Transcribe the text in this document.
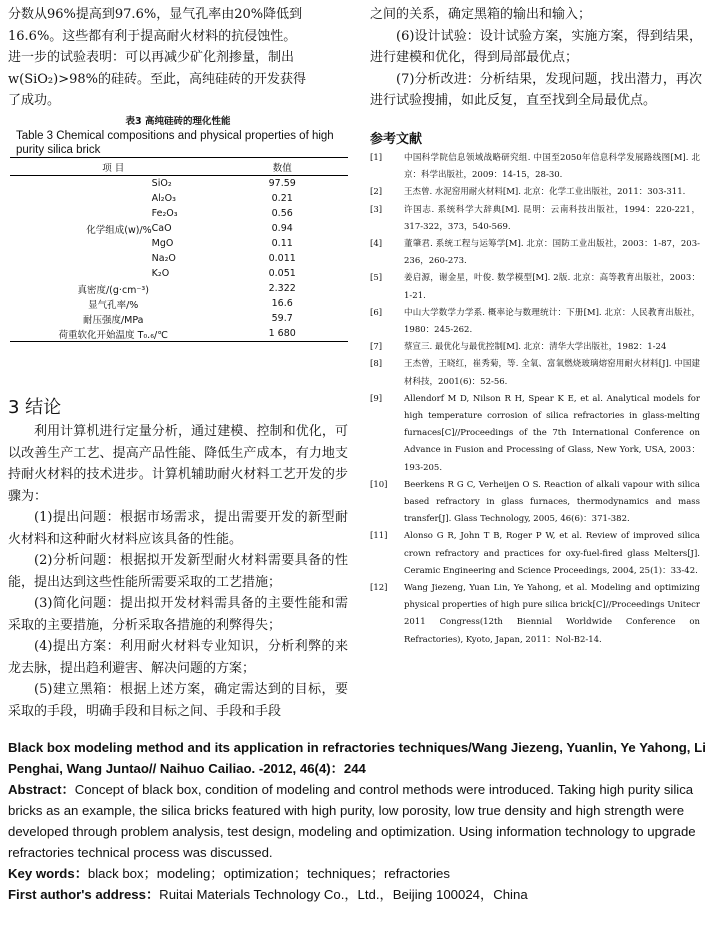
分数从96%提高到97.6%，显气孔率由20%降低到

16.6%。这些都有利于提高耐火材料的抗侵蚀性。

进一步的试验表明：可以再减少矿化剂掺量，制出

w(SiO₂)>98%的硅砖。至此，高纯硅砖的开发获得

了成功。

表3 高纯硅砖的理化性能
Table 3 Chemical compositions and physical properties of high purity silica brick
项 目		数值
化学组成(w)/%	SiO₂	97.59
	Al₂O₃	0.21
	Fe₂O₃	0.56
	CaO	0.94
	MgO	0.11
	Na₂O	0.011
	K₂O	0.051
真密度/(g·cm⁻³)		2.322
显气孔率/%		16.6
耐压强度/MPa		59.7
荷重软化开始温度 T₀.₆/℃		1 680
3 结论

利用计算机进行定量分析，通过建模、控制和优化，可以改善生产工艺、提高产品性能、降低生产成本，有力地支持耐火材料的技术进步。计算机辅助耐火材料工艺开发的步骤为：

(1)提出问题：根据市场需求，提出需要开发的新型耐火材料和这种耐火材料应该具备的性能。

(2)分析问题：根据拟开发新型耐火材料需要具备的性能，提出达到这些性能所需要采取的工艺措施；

(3)简化问题：提出拟开发材料需具备的主要性能和需采取的主要措施，分析采取各措施的利弊得失；

(4)提出方案：利用耐火材料专业知识，分析利弊的来龙去脉，提出趋利避害、解决问题的方案；

(5)建立黑箱：根据上述方案，确定需达到的目标，要采取的手段，明确手段和目标之间、手段和手段

之间的关系，确定黑箱的输出和输入；

(6)设计试验：设计试验方案，实施方案，得到结果，进行建模和优化，得到局部最优点；

(7)分析改进：分析结果，发现问题，找出潜力，再次进行试验搜捕，如此反复，直至找到全局最优点。

参考文献
[1]	中国科学院信息领域战略研究组. 中国至2050年信息科学发展路线图[M]. 北京：科学出版社，2009：14-15，28-30.
[2]	王杰曾. 水泥窑用耐火材料[M]. 北京：化学工业出版社，2011：303-311.
[3]	许国志. 系统科学大辞典[M]. 昆明：云南科技出版社，1994：220-221，317-322，373，540-569.
[4]	董肇君. 系统工程与运筹学[M]. 北京：国防工业出版社，2003：1-87，203-236，260-273.
[5]	姜启源，谢金星，叶俊. 数学模型[M]. 2版. 北京：高等教育出版社，2003：1-21.
[6]	中山大学数学力学系. 概率论与数理统计：下册[M]. 北京：人民教育出版社，1980：245-262.
[7]	蔡宣三. 最优化与最优控制[M]. 北京：清华大学出版社，1982：1-24
[8]	王杰曾，王晓红，崔秀菊，等. 全氧、富氧燃烧玻璃熔窑用耐火材料[J]. 中国建材科技，2001(6)：52-56.
[9]	Allendorf M D, Nilson R H, Spear K E, et al. Analytical models for high temperature corrosion of silica refractories in glass-melting furnaces[C]//Proceedings of the 7th International Conference on Advance in Fusion and Processing of Glass, New York, USA, 2003：193-205.
[10]	Beerkens R G C, Verheijen O S. Reaction of alkali vapour with silica based refractory in glass furnaces, thermodynamics and mass transfer[J]. Glass Technology, 2005, 46(6)：371-382.
[11]	Alonso G R, John T B, Roger P W, et al. Review of improved silica crown refractory and practices for oxy-fuel-fired glass Melters[J]. Ceramic Engineering and Science Proceedings, 2004, 25(1)：33-42.
[12]	Wang Jiezeng, Yuan Lin, Ye Yahong, et al. Modeling and optimizing physical properties of high pure silica brick[C]//Proceedings Unitecr 2011 Congress(12th Biennial Worldwide Conference on Refractories), Kyoto, Japan, 2011：Nol-B2-14.

Black box modeling method and its application in refractories techniques/Wang Jiezeng, Yuanlin, Ye Yahong, Li Penghai, Wang Juntao// Naihuo Cailiao. -2012, 46(4)：244

Abstract：Concept of black box, condition of modeling and control methods were introduced. Taking high purity silica bricks as an example, the silica bricks featured with high purity, low porosity, low true density and high strength were developed through problem analysis, test design, modeling and optimization. Using information technology to upgrade refractories technical process was discussed.

Key words：black box；modeling；optimization；techniques；refractories

First author's address：Ruitai Materials Technology Co.，Ltd.，Beijing 100024，China
